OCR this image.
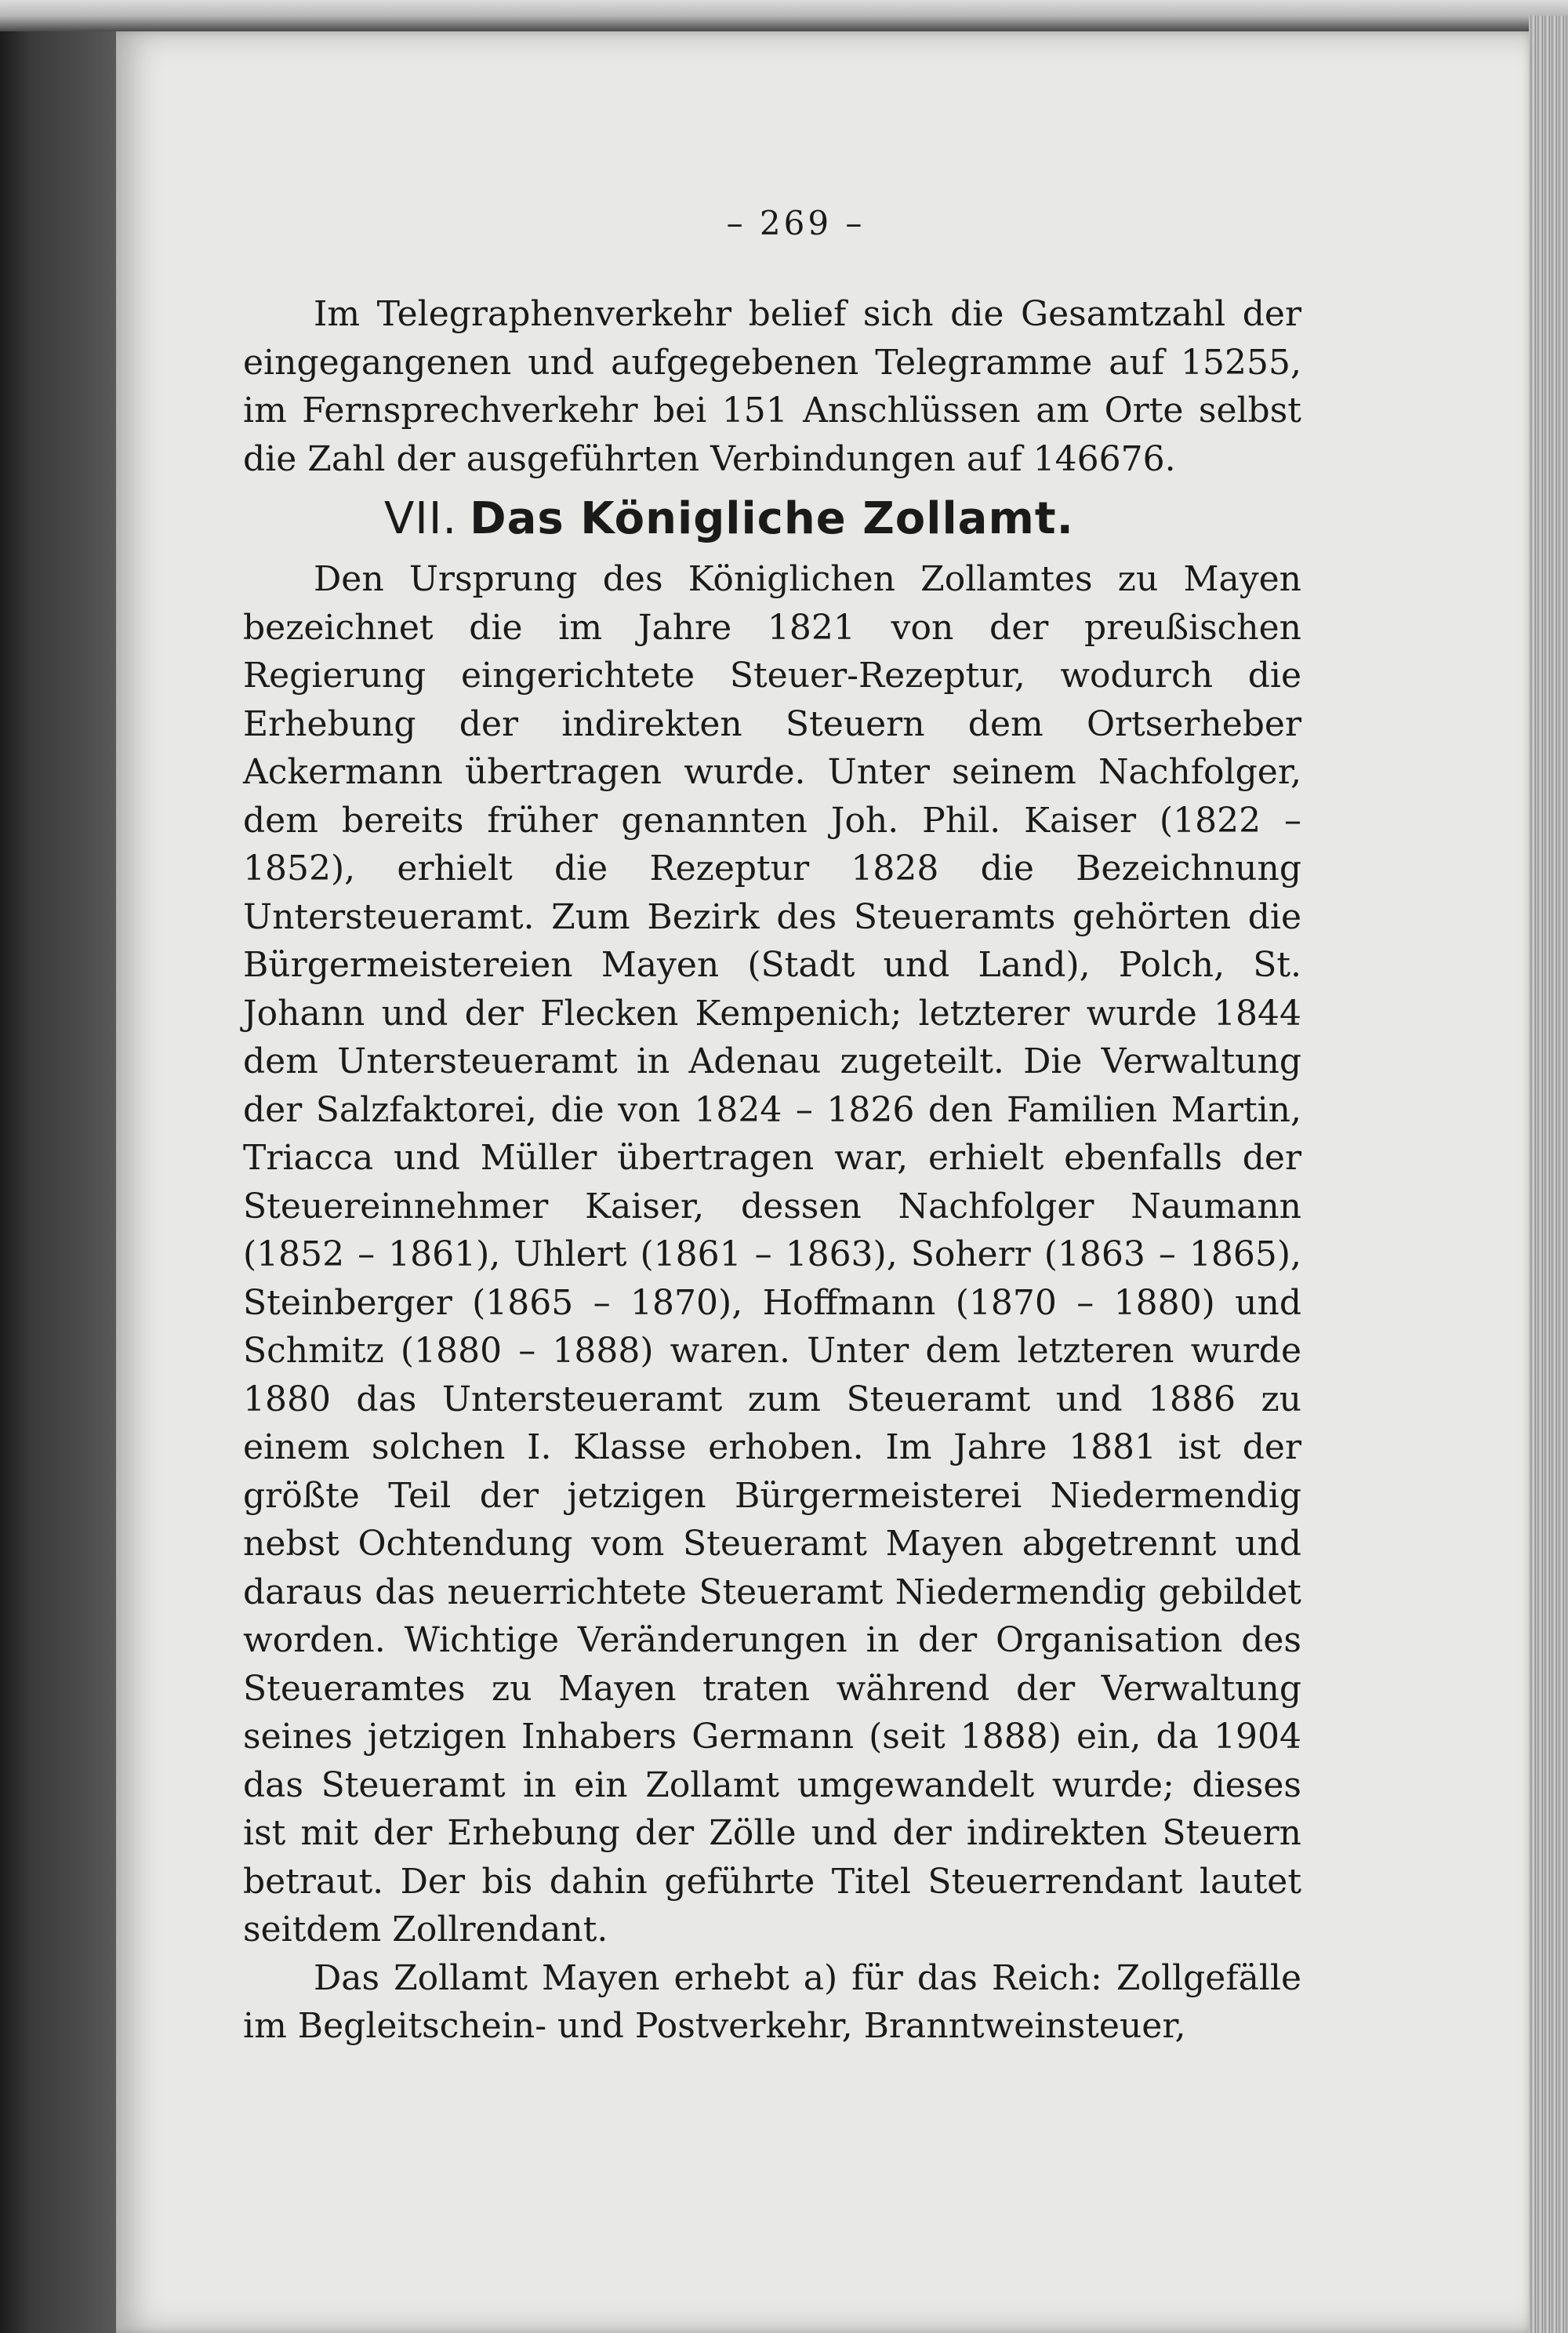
– 269 –

Im Telegraphenverkehr belief sich die Gesamtzahl der eingegangenen und aufgegebenen Telegramme auf 15255, im Fernsprechverkehr bei 151 Anschlüssen am Orte selbst die Zahl der ausgeführten Verbindungen auf 146676.

VII. Das Königliche Zollamt.

Den Ursprung des Königlichen Zollamtes zu Mayen bezeichnet die im Jahre 1821 von der preußischen Regierung eingerichtete Steuer-Rezeptur, wodurch die Erhebung der indirekten Steuern dem Ortserheber Ackermann übertragen wurde. Unter seinem Nachfolger, dem bereits früher genannten Joh. Phil. Kaiser (1822 – 1852), erhielt die Rezeptur 1828 die Bezeichnung Untersteueramt. Zum Bezirk des Steueramts gehörten die Bürgermeistereien Mayen (Stadt und Land), Polch, St. Johann und der Flecken Kempenich; letzterer wurde 1844 dem Untersteueramt in Adenau zugeteilt. Die Verwaltung der Salzfaktorei, die von 1824 – 1826 den Familien Martin, Triacca und Müller übertragen war, erhielt ebenfalls der Steuereinnehmer Kaiser, dessen Nachfolger Naumann (1852 – 1861), Uhlert (1861 – 1863), Soherr (1863 – 1865), Steinberger (1865 – 1870), Hoffmann (1870 – 1880) und Schmitz (1880 – 1888) waren. Unter dem letzteren wurde 1880 das Untersteueramt zum Steueramt und 1886 zu einem solchen I. Klasse erhoben. Im Jahre 1881 ist der größte Teil der jetzigen Bürgermeisterei Niedermendig nebst Ochtendung vom Steueramt Mayen abgetrennt und daraus das neuerrichtete Steueramt Niedermendig gebildet worden. Wichtige Veränderungen in der Organisation des Steueramtes zu Mayen traten während der Verwaltung seines jetzigen Inhabers Germann (seit 1888) ein, da 1904 das Steueramt in ein Zollamt umgewandelt wurde; dieses ist mit der Erhebung der Zölle und der indirekten Steuern betraut. Der bis dahin geführte Titel Steuerrendant lautet seitdem Zollrendant.

Das Zollamt Mayen erhebt a) für das Reich: Zollgefälle im Begleitschein- und Postverkehr, Branntweinsteuer,
